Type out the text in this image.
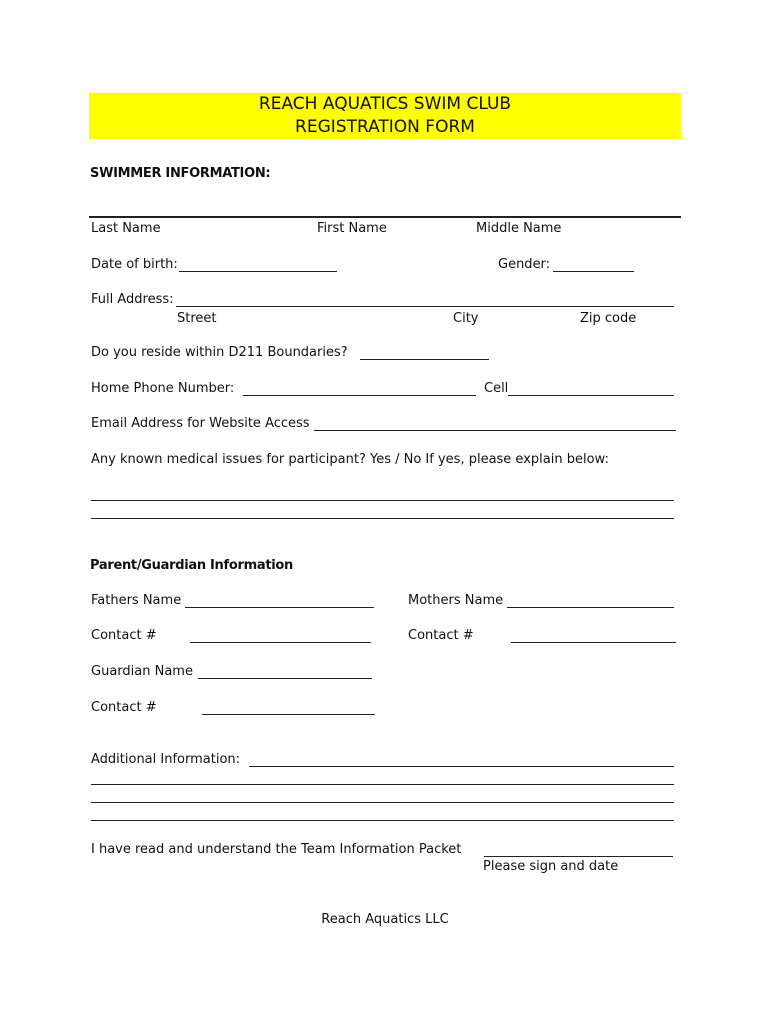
REACH AQUATICS SWIM CLUB
REGISTRATION FORM
SWIMMER INFORMATION:
Last Name	First Name	Middle Name
Date of birth:	Gender:
Full Address:
Street	City	Zip code
Do you reside within D211 Boundaries?
Home Phone Number:	Cell
Email Address for Website Access
Any known medical issues for participant? Yes / No If yes, please explain below:
Parent/Guardian Information
Fathers Name	Mothers Name
Contact #	Contact #
Guardian Name
Contact #
Additional Information:
I have read and understand the Team Information Packet
Please sign and date
Reach Aquatics LLC
